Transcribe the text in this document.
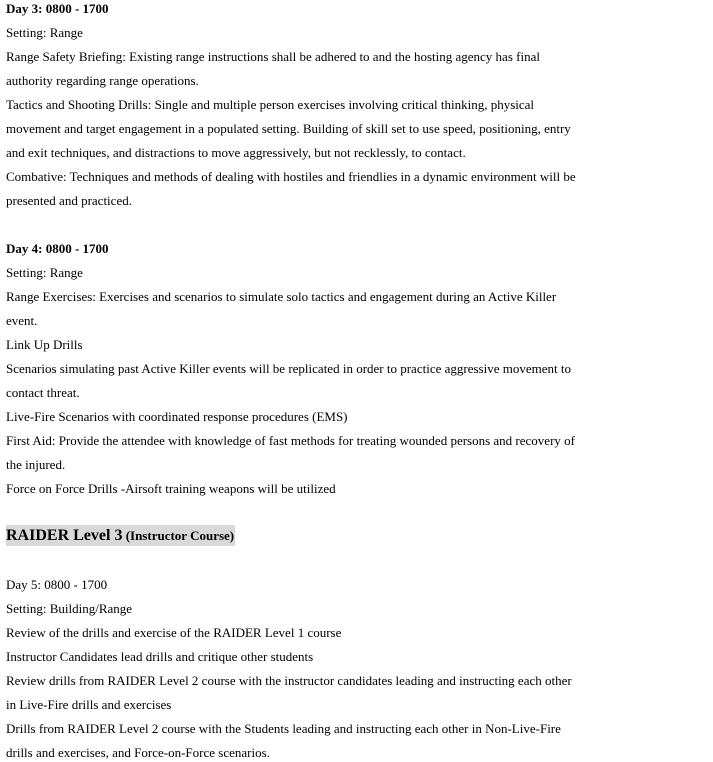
Day 3: 0800 - 1700
Setting: Range
Range Safety Briefing: Existing range instructions shall be adhered to and the hosting agency has final
authority regarding range operations.
Tactics and Shooting Drills: Single and multiple person exercises involving critical thinking, physical
movement and target engagement in a populated setting. Building of skill set to use speed, positioning, entry
and exit techniques, and distractions to move aggressively, but not recklessly, to contact.
Combative: Techniques and methods of dealing with hostiles and friendlies in a dynamic environment will be
presented and practiced.
Day 4: 0800 - 1700
Setting: Range
Range Exercises: Exercises and scenarios to simulate solo tactics and engagement during an Active Killer
event.
Link Up Drills
Scenarios simulating past Active Killer events will be replicated in order to practice aggressive movement to
contact threat.
Live-Fire Scenarios with coordinated response procedures (EMS)
First Aid: Provide the attendee with knowledge of fast methods for treating wounded persons and recovery of
the injured.
Force on Force Drills -Airsoft training weapons will be utilized
RAIDER Level 3 (Instructor Course)
Day 5: 0800 - 1700
Setting: Building/Range
Review of the drills and exercise of the RAIDER Level 1 course
Instructor Candidates lead drills and critique other students
Review drills from RAIDER Level 2 course with the instructor candidates leading and instructing each other
in Live-Fire drills and exercises
Drills from RAIDER Level 2 course with the Students leading and instructing each other in Non-Live-Fire
drills and exercises, and Force-on-Force scenarios.
